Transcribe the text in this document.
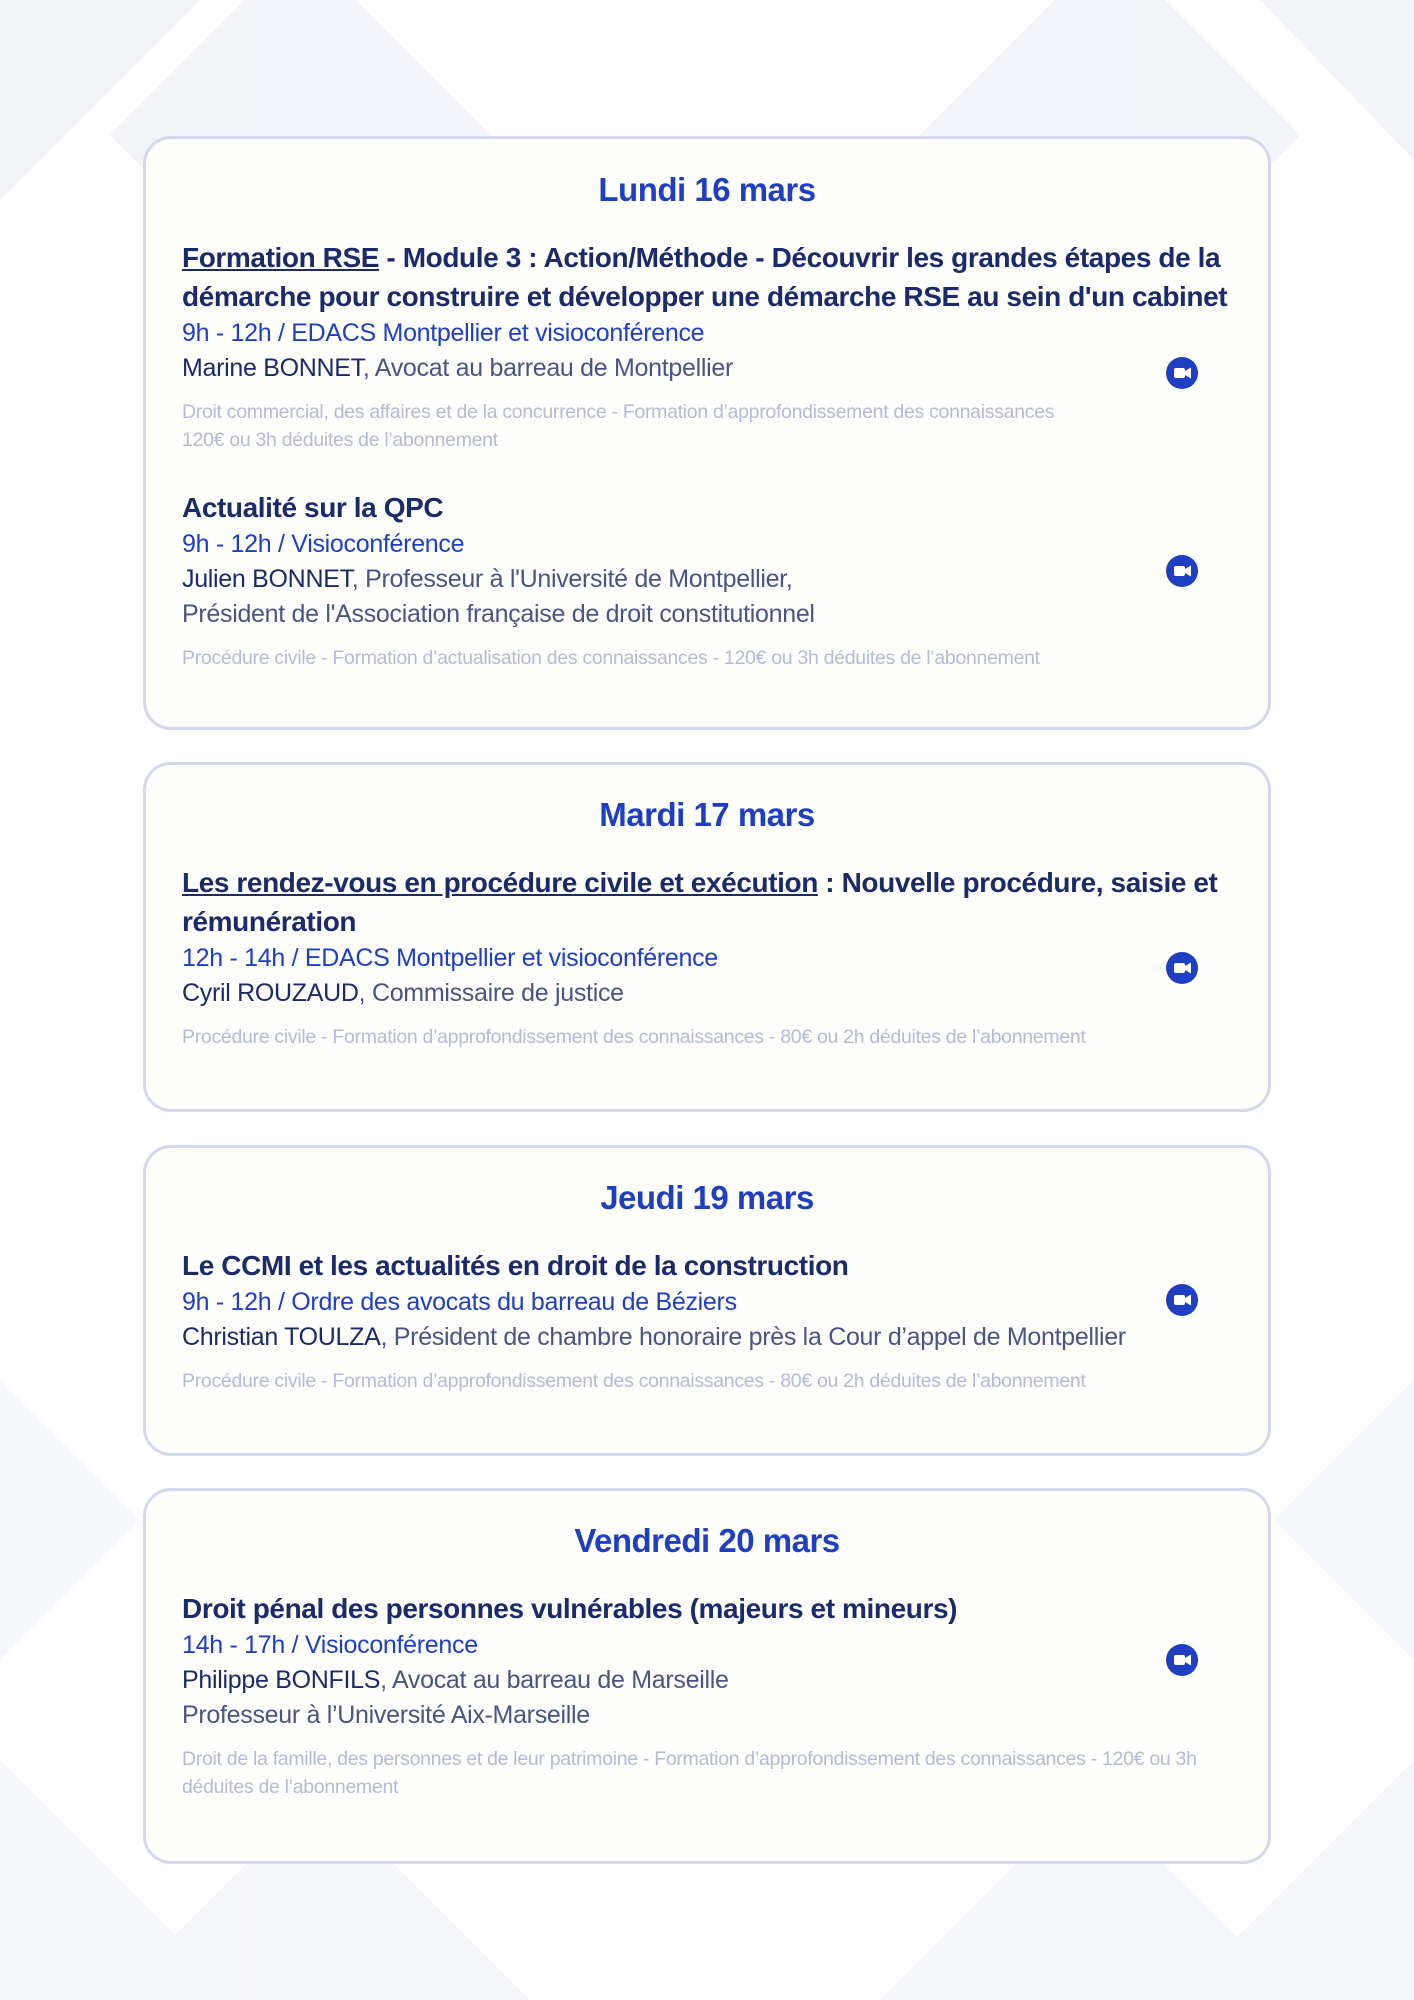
Lundi 16 mars

Formation RSE - Module 3 : Action/Méthode - Découvrir les grandes étapes de la démarche pour construire et développer une démarche RSE au sein d'un cabinet

9h - 12h / EDACS Montpellier et visioconférence
Marine BONNET, Avocat au barreau de Montpellier
Droit commercial, des affaires et de la concurrence - Formation d’approfondissement des connaissances
120€ ou 3h déduites de l’abonnement

Actualité sur la QPC

9h - 12h / Visioconférence
Julien BONNET, Professeur à l'Université de Montpellier,
Président de l'Association française de droit constitutionnel
Procédure civile - Formation d’actualisation des connaissances - 120€ ou 3h déduites de l’abonnement
Mardi 17 mars

Les rendez-vous en procédure civile et exécution : Nouvelle procédure, saisie et rémunération

12h - 14h / EDACS Montpellier et visioconférence
Cyril ROUZAUD, Commissaire de justice
Procédure civile - Formation d’approfondissement des connaissances - 80€ ou 2h déduites de l’abonnement
Jeudi 19 mars

Le CCMI et les actualités en droit de la construction

9h - 12h / Ordre des avocats du barreau de Béziers
Christian TOULZA, Président de chambre honoraire près la Cour d’appel de Montpellier
Procédure civile - Formation d’approfondissement des connaissances - 80€ ou 2h déduites de l’abonnement
Vendredi 20 mars

Droit pénal des personnes vulnérables (majeurs et mineurs)

14h - 17h / Visioconférence
Philippe BONFILS, Avocat au barreau de Marseille
Professeur à l’Université Aix-Marseille
Droit de la famille, des personnes et de leur patrimoine - Formation d’approfondissement des connaissances - 120€ ou 3h déduites de l’abonnement
